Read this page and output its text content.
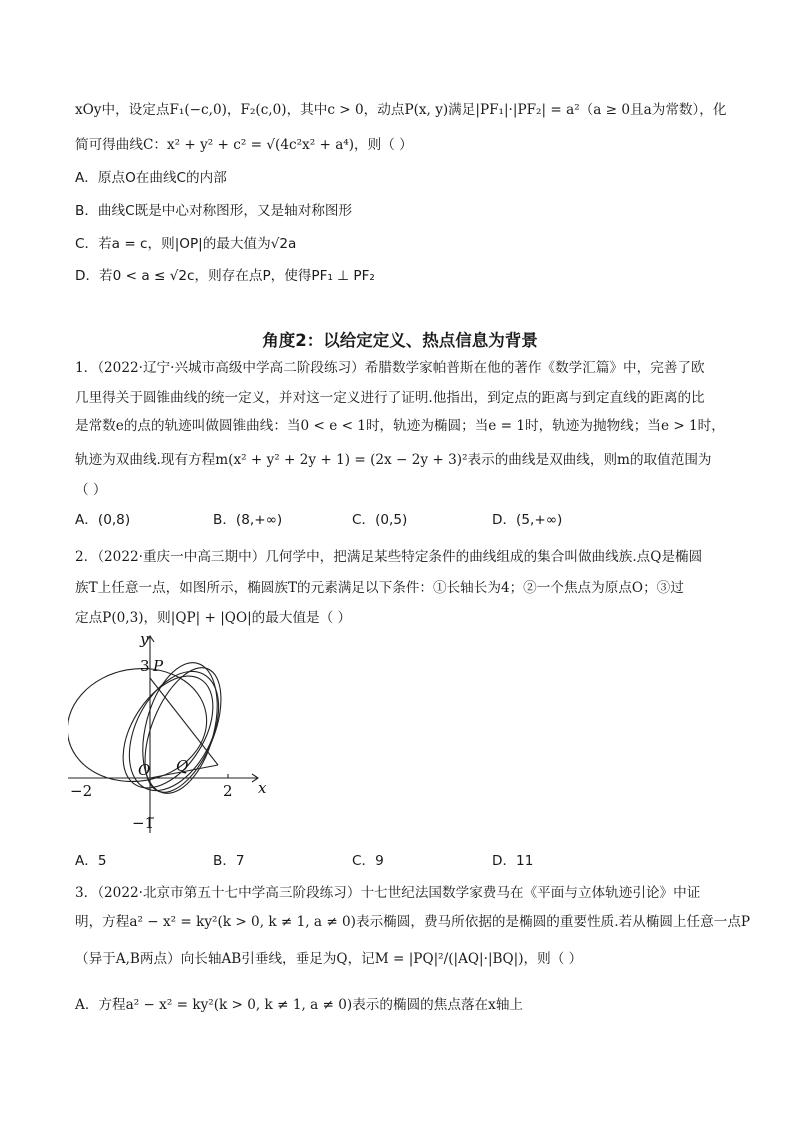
xOy中，设定点F₁(−c,0)，F₂(c,0)，其中c > 0，动点P(x, y)满足|PF₁|·|PF₂| = a²（a ≥ 0且a为常数），化
简可得曲线C：x² + y² + c² = √(4c²x² + a⁴)，则（ ）
A．原点O在曲线C的内部
B．曲线C既是中心对称图形，又是轴对称图形
C．若a = c，则|OP|的最大值为√2a
D．若0 < a ≤ √2c，则存在点P，使得PF₁ ⊥ PF₂
角度2：以给定定义、热点信息为背景
1．（2022·辽宁·兴城市高级中学高二阶段练习）希腊数学家帕普斯在他的著作《数学汇篇》中，完善了欧
几里得关于圆锥曲线的统一定义，并对这一定义进行了证明.他指出，到定点的距离与到定直线的距离的比
是常数e的点的轨迹叫做圆锥曲线：当0 < e < 1时，轨迹为椭圆；当e = 1时，轨迹为抛物线；当e > 1时，
轨迹为双曲线.现有方程m(x² + y² + 2y + 1) = (2x − 2y + 3)²表示的曲线是双曲线，则m的取值范围为
（ ）
A．(0,8)	B．(8,+∞)	C．(0,5)	D．(5,+∞)
2．（2022·重庆一中高三期中）几何学中，把满足某些特定条件的曲线组成的集合叫做曲线族.点Q是椭圆
族T上任意一点，如图所示，椭圆族T的元素满足以下条件：①长轴长为4；②一个焦点为原点O；③过
定点P(0,3)，则|QP| + |QO|的最大值是（ ）
y
x
3 P
O Q
−2	2
−1
A．5	B．7	C．9	D．11
3．（2022·北京市第五十七中学高三阶段练习）十七世纪法国数学家费马在《平面与立体轨迹引论》中证
明，方程a² − x² = ky²(k > 0, k ≠ 1, a ≠ 0)表示椭圆，费马所依据的是椭圆的重要性质.若从椭圆上任意一点P
（异于A,B两点）向长轴AB引垂线，垂足为Q，记M = |PQ|²/(|AQ|·|BQ|)，则（ ）
A．方程a² − x² = ky²(k > 0, k ≠ 1, a ≠ 0)表示的椭圆的焦点落在x轴上
